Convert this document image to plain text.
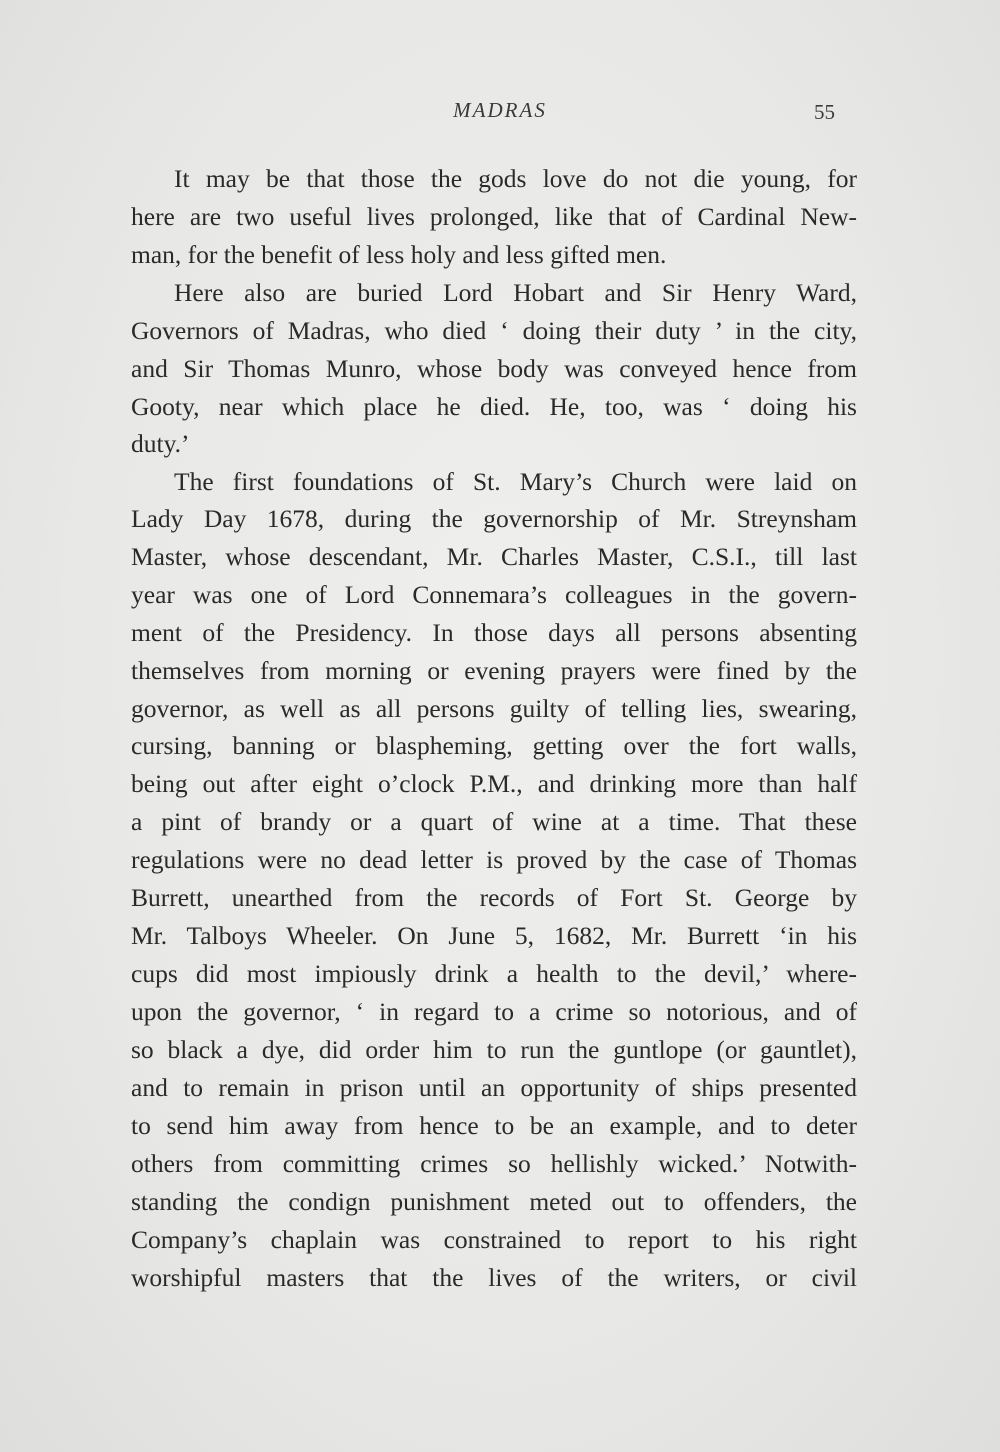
MADRAS	55
It may be that those the gods love do not die young, for
here are two useful lives prolonged, like that of Cardinal New-
man, for the benefit of less holy and less gifted men.
Here also are buried Lord Hobart and Sir Henry Ward,
Governors of Madras, who died ‘ doing their duty ’ in the city,
and Sir Thomas Munro, whose body was conveyed hence from
Gooty, near which place he died. He, too, was ‘ doing his
duty.’
The first foundations of St. Mary’s Church were laid on
Lady Day 1678, during the governorship of Mr. Streynsham
Master, whose descendant, Mr. Charles Master, C.S.I., till last
year was one of Lord Connemara’s colleagues in the govern-
ment of the Presidency. In those days all persons absenting
themselves from morning or evening prayers were fined by the
governor, as well as all persons guilty of telling lies, swearing,
cursing, banning or blaspheming, getting over the fort walls,
being out after eight o’clock P.M., and drinking more than half
a pint of brandy or a quart of wine at a time. That these
regulations were no dead letter is proved by the case of Thomas
Burrett, unearthed from the records of Fort St. George by
Mr. Talboys Wheeler. On June 5, 1682, Mr. Burrett ‘in his
cups did most impiously drink a health to the devil,’ where-
upon the governor, ‘ in regard to a crime so notorious, and of
so black a dye, did order him to run the guntlope (or gauntlet),
and to remain in prison until an opportunity of ships presented
to send him away from hence to be an example, and to deter
others from committing crimes so hellishly wicked.’ Notwith-
standing the condign punishment meted out to offenders, the
Company’s chaplain was constrained to report to his right
worshipful masters that the lives of the writers, or civil
